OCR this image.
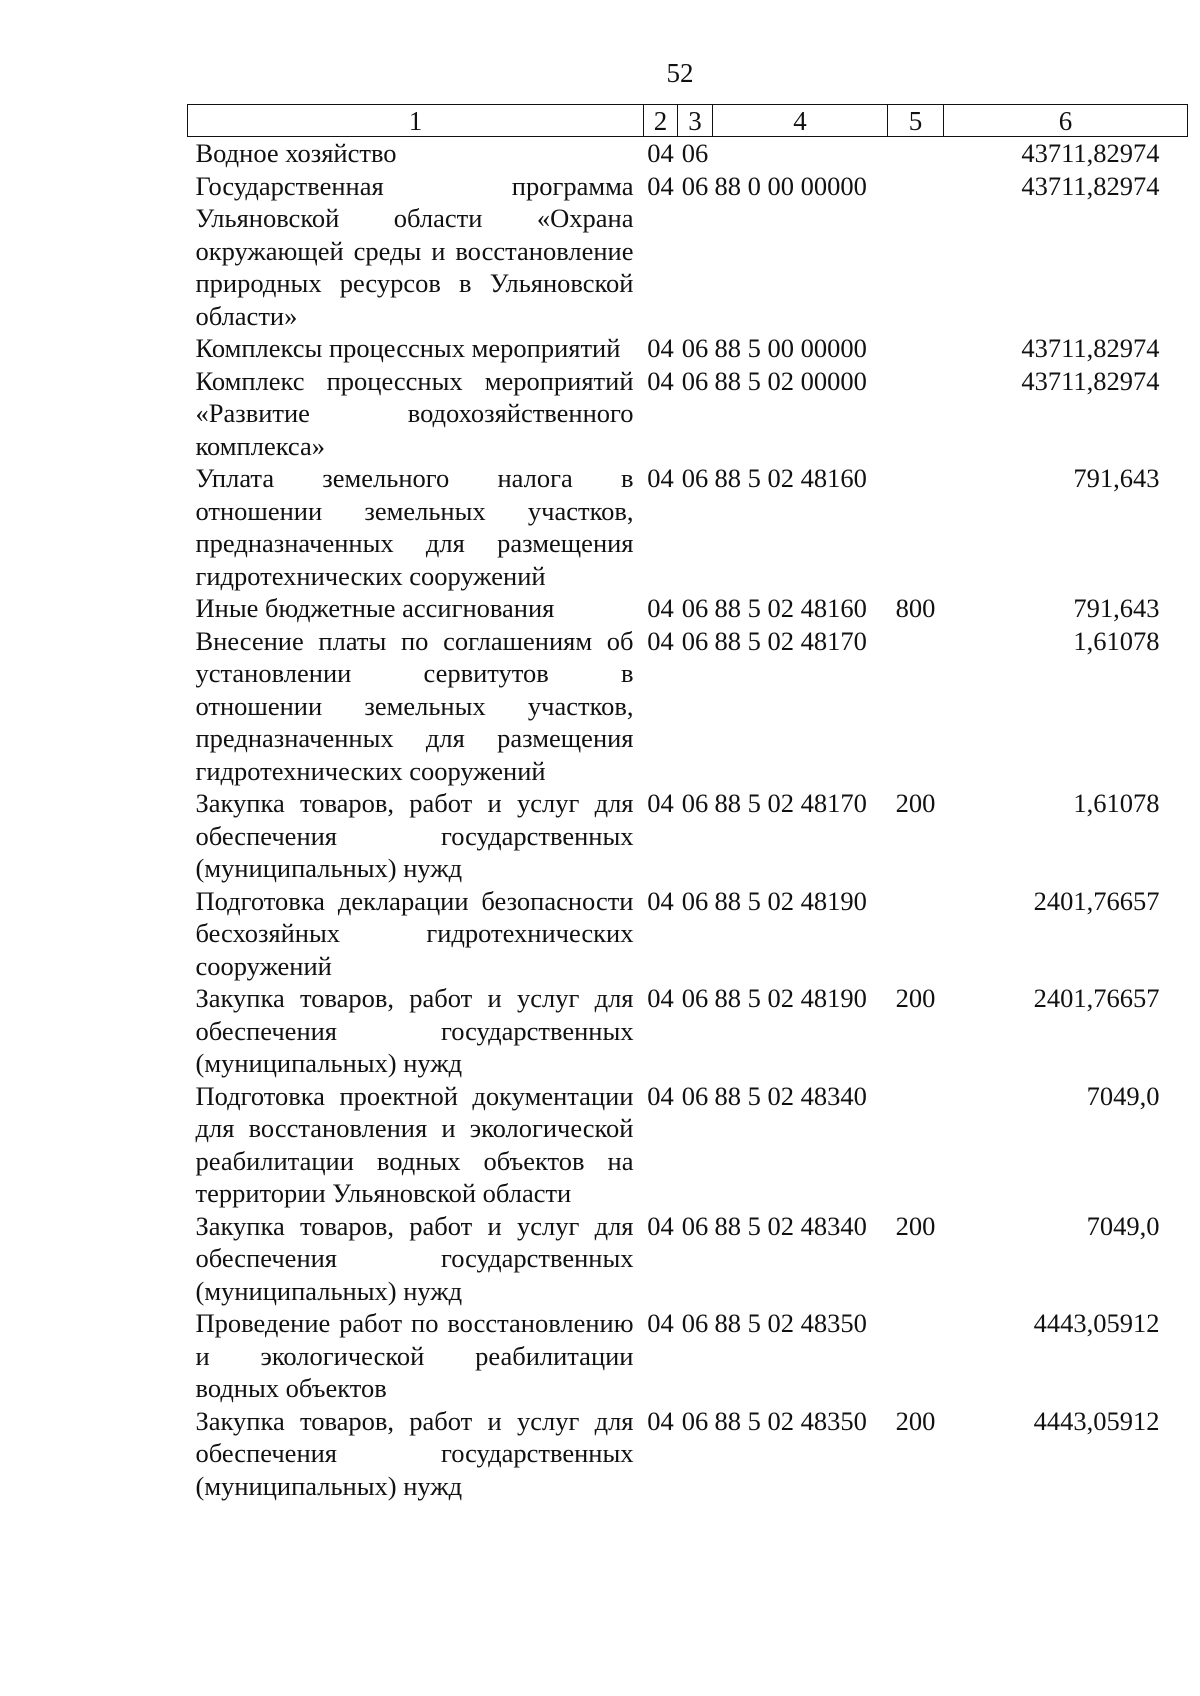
52
1	2	3	4	5	6
Водное хозяйство	04	06			43711,82974
Государственная программа Ульяновской области «Охрана окружающей среды и восстановление природных ресурсов в Ульяновской области»	04	06	88 0 00 00000		43711,82974
Комплексы процессных мероприятий	04	06	88 5 00 00000		43711,82974
Комплекс процессных мероприятий «Развитие водохозяйственного комплекса»	04	06	88 5 02 00000		43711,82974
Уплата земельного налога в отношении земельных участков, предназначенных для размещения гидротехнических сооружений	04	06	88 5 02 48160		791,643
Иные бюджетные ассигнования	04	06	88 5 02 48160	800	791,643
Внесение платы по соглашениям об установлении сервитутов в отношении земельных участков, предназначенных для размещения гидротехнических сооружений	04	06	88 5 02 48170		1,61078
Закупка товаров, работ и услуг для обеспечения государственных (муниципальных) нужд	04	06	88 5 02 48170	200	1,61078
Подготовка декларации безопасности бесхозяйных гидротехнических сооружений	04	06	88 5 02 48190		2401,76657
Закупка товаров, работ и услуг для обеспечения государственных (муниципальных) нужд	04	06	88 5 02 48190	200	2401,76657
Подготовка проектной документации для восстановления и экологической реабилитации водных объектов на территории Ульяновской области	04	06	88 5 02 48340		7049,0
Закупка товаров, работ и услуг для обеспечения государственных (муниципальных) нужд	04	06	88 5 02 48340	200	7049,0
Проведение работ по восстановлению и экологической реабилитации водных объектов	04	06	88 5 02 48350		4443,05912
Закупка товаров, работ и услуг для обеспечения государственных (муниципальных) нужд	04	06	88 5 02 48350	200	4443,05912
